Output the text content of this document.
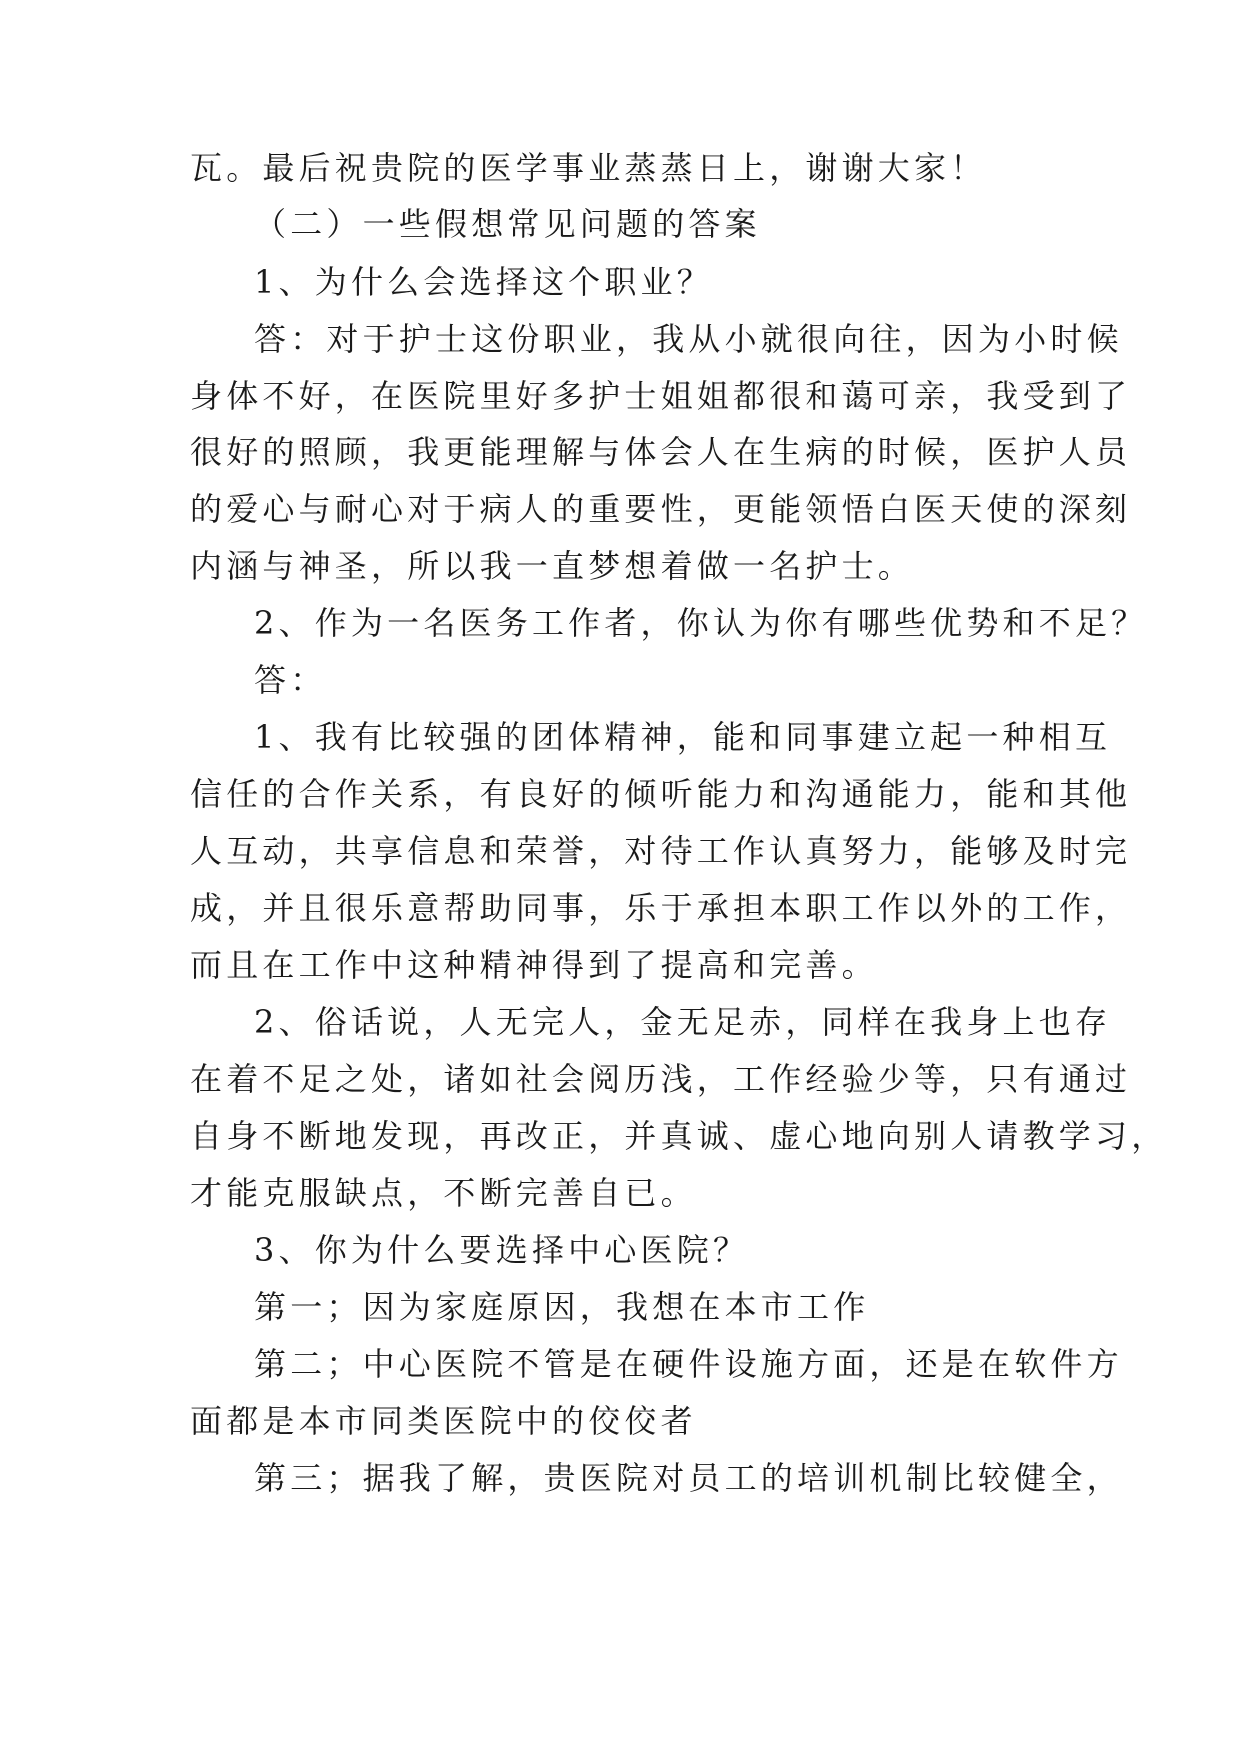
瓦。最后祝贵院的医学事业蒸蒸日上，谢谢大家！

（二）一些假想常见问题的答案

1、为什么会选择这个职业？

答：对于护士这份职业，我从小就很向往，因为小时候

身体不好，在医院里好多护士姐姐都很和蔼可亲，我受到了

很好的照顾，我更能理解与体会人在生病的时候，医护人员

的爱心与耐心对于病人的重要性，更能领悟白医天使的深刻

内涵与神圣，所以我一直梦想着做一名护士。

2、作为一名医务工作者，你认为你有哪些优势和不足？

答：

1、我有比较强的团体精神，能和同事建立起一种相互

信任的合作关系，有良好的倾听能力和沟通能力，能和其他

人互动，共享信息和荣誉，对待工作认真努力，能够及时完

成，并且很乐意帮助同事，乐于承担本职工作以外的工作，

而且在工作中这种精神得到了提高和完善。

2、俗话说，人无完人，金无足赤，同样在我身上也存

在着不足之处，诸如社会阅历浅，工作经验少等，只有通过

自身不断地发现，再改正，并真诚、虚心地向别人请教学习，

才能克服缺点，不断完善自已。

3、你为什么要选择中心医院？

第一；因为家庭原因，我想在本市工作

第二；中心医院不管是在硬件设施方面，还是在软件方

面都是本市同类医院中的佼佼者

第三；据我了解，贵医院对员工的培训机制比较健全，
